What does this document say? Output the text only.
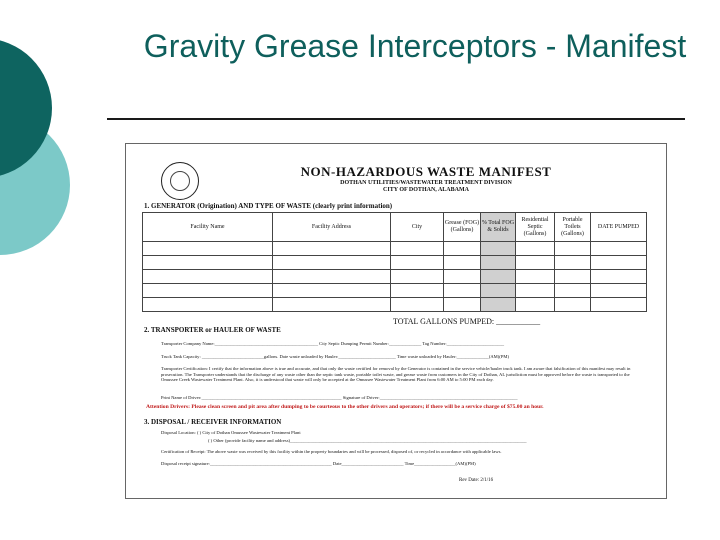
Gravity Grease Interceptors - Manifest
NON-HAZARDOUS WASTE MANIFEST
DOTHAN UTILITIES/WASTEWATER TREATMENT DIVISION
CITY OF DOTHAN, ALABAMA
1. GENERATOR (Origination) AND TYPE OF WASTE (clearly print information)
Facility Name	Facility Address	City	Grease (FOG) (Gallons)	% Total FOG & Solids	Residential Septic (Gallons)	Portable Toilets (Gallons)	DATE PUMPED

TOTAL GALLONS PUMPED: ___________
2. TRANSPORTER or HAULER OF WASTE
Transporter Company Name:_____________________________________________ City Septic Dumping Permit Number:______________ Tag Number:_________________________
Truck Tank Capacity: ___________________________gallons. Date waste unloaded by Hauler:_________________________ Time waste unloaded by Hauler:______________(AM)(PM)
Transporter Certification: I certify that the information above is true and accurate, and that only the waste certified for removal by the Generator is contained in the service vehicle/hauler truck tank. I am aware that falsification of this manifest may result in prosecution. The Transporter understands that the discharge of any waste other than the septic tank waste, portable toilet waste, and grease waste from customers in the City of Dothan, AL jurisdiction must be approved before the waste is transported to the Omussee Creek Wastewater Treatment Plant. Also, it is understood that waste will only be accepted at the Omussee Wastewater Treatment Plant from 6:00 AM to 5:00 PM each day.
Print Name of Driver:_____________________________________________________________ Signature of Driver:____________________________________________________________
Attention Drivers: Please clean screen and pit area after dumping to be courteous to the other drivers and operators; if there will be a service charge of $75.00 an hour.
3. DISPOSAL / RECEIVER INFORMATION
Disposal Location: ( ) City of Dothan Omussee Wastewater Treatment Plant
( ) Other (provide facility name and address)_______________________________________________________________________________________________________
Certification of Receipt: The above waste was received by this facility within the property boundaries and will be processed, disposed of, or recycled in accordance with applicable laws.
Disposal receipt signature:_____________________________________________________ Date___________________________ Time__________________(AM)(PM)
Rev Date: 2/1/16
